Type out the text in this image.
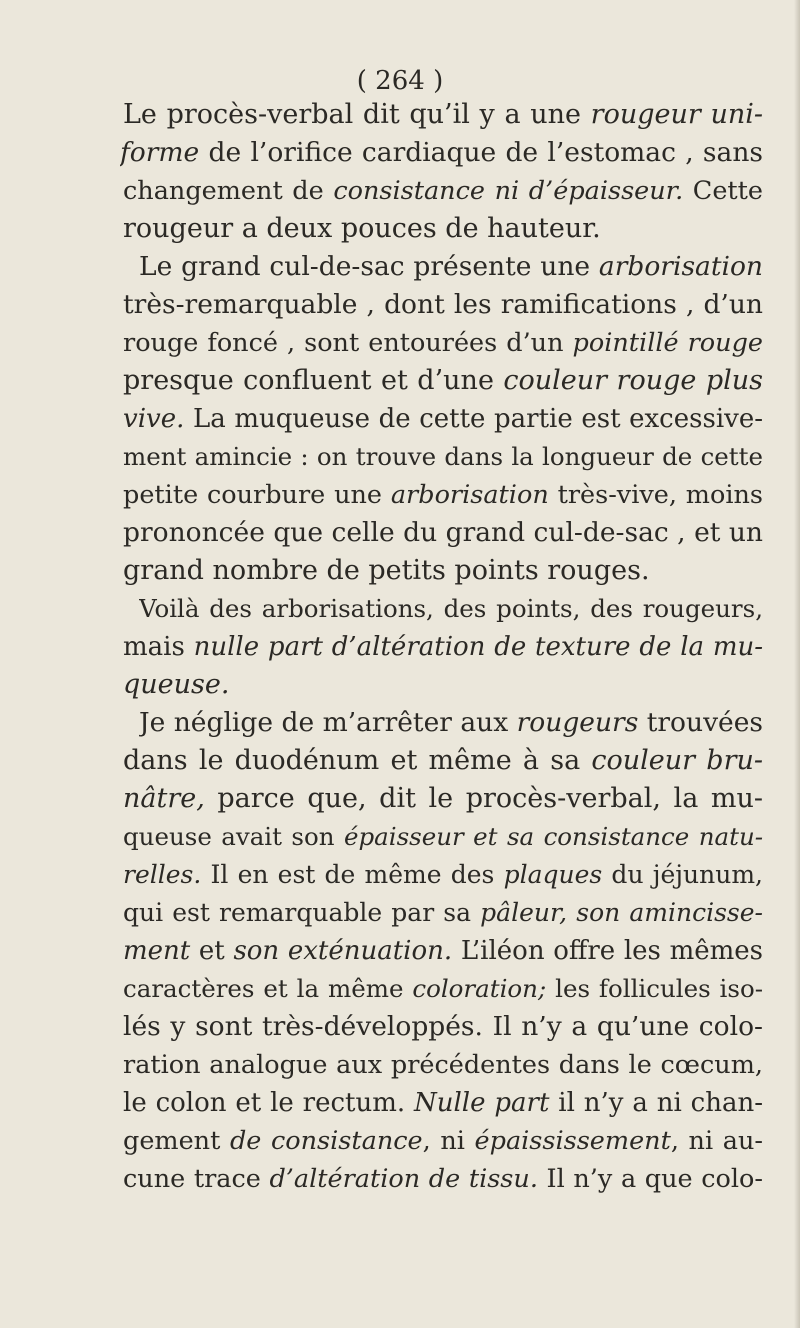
( 264 )

Le procès-verbal dit qu’il y a une rougeur uni-
forme de l’orifice cardiaque de l’estomac , sans
changement de consistance ni d’épaisseur. Cette
rougeur a deux pouces de hauteur.
Le grand cul-de-sac présente une arborisation
très-remarquable , dont les ramifications , d’un
rouge foncé , sont entourées d’un pointillé rouge
presque confluent et d’une couleur rouge plus
vive. La muqueuse de cette partie est excessive-
ment amincie : on trouve dans la longueur de cette
petite courbure une arborisation très-vive, moins
prononcée que celle du grand cul-de-sac , et un
grand nombre de petits points rouges.
Voilà des arborisations, des points, des rougeurs,
mais nulle part d’altération de texture de la mu-
queuse.
Je néglige de m’arrêter aux rougeurs trouvées
dans le duodénum et même à sa couleur bru-
nâtre, parce que, dit le procès-verbal, la mu-
queuse avait son épaisseur et sa consistance natu-
relles. Il en est de même des plaques du jéjunum,
qui est remarquable par sa pâleur, son amincisse-
ment et son exténuation. L’iléon offre les mêmes
caractères et la même coloration; les follicules iso-
lés y sont très-développés. Il n’y a qu’une colo-
ration analogue aux précédentes dans le cœcum,
le colon et le rectum. Nulle part il n’y a ni chan-
gement de consistance, ni épaississement, ni au-
cune trace d’altération de tissu. Il n’y a que colo-
